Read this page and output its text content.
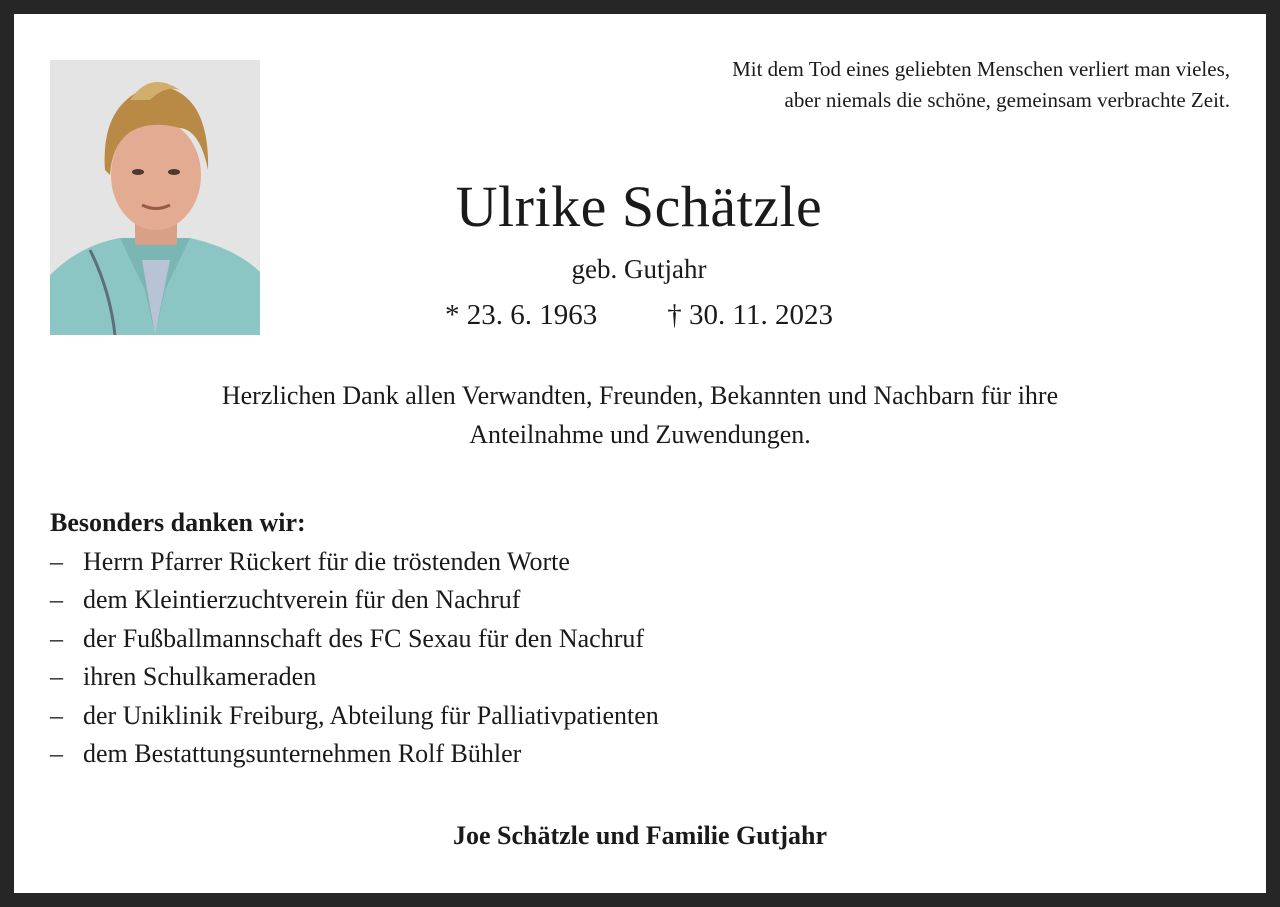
Mit dem Tod eines geliebten Menschen verliert man vieles,
aber niemals die schöne, gemeinsam verbrachte Zeit.
Ulrike Schätzle
geb. Gutjahr
* 23. 6. 1963 † 30. 11. 2023
Herzlichen Dank allen Verwandten, Freunden, Bekannten und Nachbarn für ihre
Anteilnahme und Zuwendungen.
Besonders danken wir:
– Herrn Pfarrer Rückert für die tröstenden Worte
– dem Kleintierzuchtverein für den Nachruf
– der Fußballmannschaft des FC Sexau für den Nachruf
– ihren Schulkameraden
– der Uniklinik Freiburg, Abteilung für Palliativpatienten
– dem Bestattungsunternehmen Rolf Bühler
Joe Schätzle und Familie Gutjahr
